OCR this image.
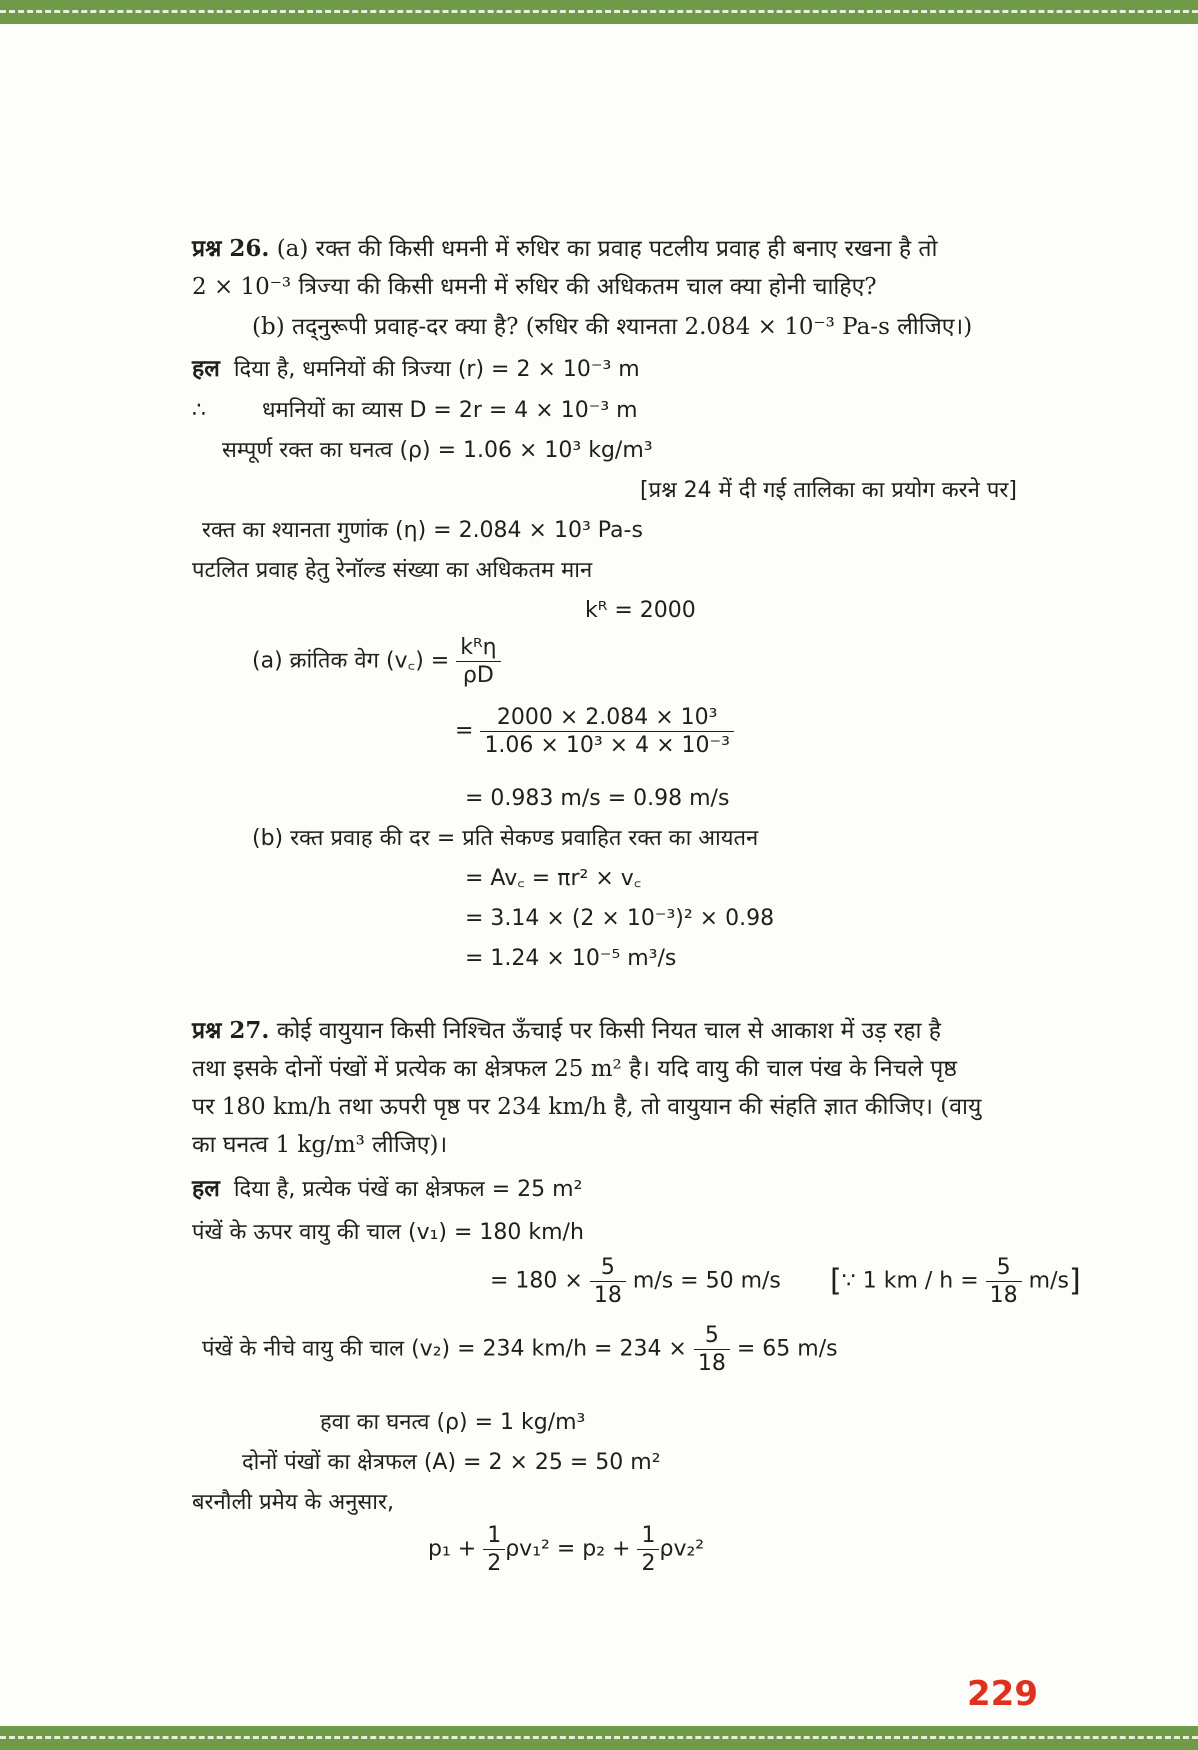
प्रश्न 26. (a) रक्त की किसी धमनी में रुधिर का प्रवाह पटलीय प्रवाह ही बनाए रखना है तो
2 × 10⁻³ त्रिज्या की किसी धमनी में रुधिर की अधिकतम चाल क्या होनी चाहिए?
(b) तद्नुरूपी प्रवाह-दर क्या है? (रुधिर की श्यानता 2.084 × 10⁻³ Pa-s लीजिए।)
हल दिया है, धमनियों की त्रिज्या (r) = 2 × 10⁻³ m
∴	धमनियों का व्यास D = 2r = 4 × 10⁻³ m
सम्पूर्ण रक्त का घनत्व (ρ) = 1.06 × 10³ kg/m³
[प्रश्न 24 में दी गई तालिका का प्रयोग करने पर]
रक्त का श्यानता गुणांक (η) = 2.084 × 10³ Pa-s
पटलित प्रवाह हेतु रेनॉल्ड संख्या का अधिकतम मान
kᴿ = 2000
(a) क्रांतिक वेग (v꜀) = $\frac{\text{kᴿη}}{\rho D}$
= $\frac{\text{2000 × 2.084 × 10³}}{\text{1.06 × 10³ × 4 × 10⁻³}}$
= 0.983 m/s = 0.98 m/s
(b) रक्त प्रवाह की दर = प्रति सेकण्ड प्रवाहित रक्त का आयतन
= Av꜀ = πr² × v꜀
= 3.14 × (2 × 10⁻³)² × 0.98
= 1.24 × 10⁻⁵ m³/s
प्रश्न 27. कोई वायुयान किसी निश्चित ऊँचाई पर किसी नियत चाल से आकाश में उड़ रहा है
तथा इसके दोनों पंखों में प्रत्येक का क्षेत्रफल 25 m² है। यदि वायु की चाल पंख के निचले पृष्ठ
पर 180 km/h तथा ऊपरी पृष्ठ पर 234 km/h है, तो वायुयान की संहति ज्ञात कीजिए। (वायु
का घनत्व 1 kg/m³ लीजिए)।
हल दिया है, प्रत्येक पंखें का क्षेत्रफल = 25 m²
पंखें के ऊपर वायु की चाल (v₁) = 180 km/h
= $180 \times \frac{5}{18} m/s = 50$ m/s [∵ 1 km / $h = \frac{5}{18} m/s$]
पंखें के नीचे वायु की चाल (v₂) = 234 $km/h = 234 \times \frac{5}{18} = 65$ m/s
हवा का घनत्व (ρ) = 1 kg/m³
दोनों पंखों का क्षेत्रफल (A) = 2 × 25 = 50 m²
बरनौली प्रमेय के अनुसार,
$p_1 + \frac{1}{2} \rho v_1^2 = p_2 + \frac{1}{2} \rho v_2^2$
229
